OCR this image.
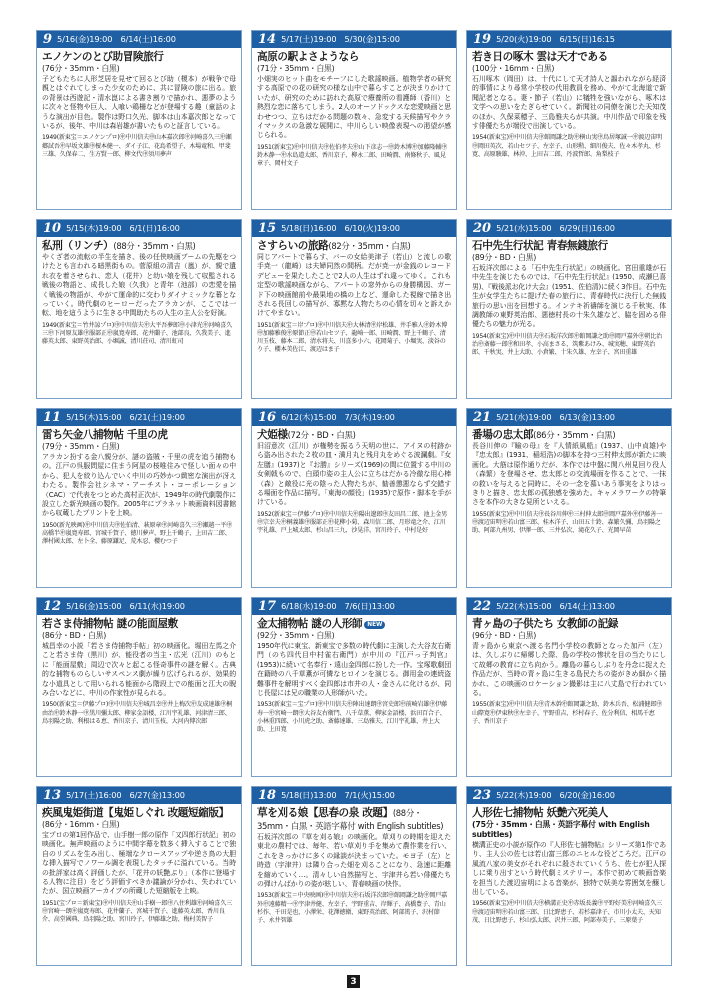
9 5/16(金)19:00　6/14(土)16:00
エノケンのとび助冒険旅行
(76分・35mm・白黒)
子どもたちに人形芝居を見せて回るとび助（榎本）が戦争で母親とはぐれてしまった少女のために、共に冒険の旅に出る。旅の背景は西遊記・清水崑による書き割りで描かれ、悪夢のように次々と怪物や巨人、人喰い鶏柵などが登場する趣（童話のような演出が目色。製作は野口久光、脚本は山本嘉次郎となっているが、後年、中川は森岩雄が書いたものと証言している。
1949(新東宝＝エノケンプロ)㊥中川信夫㊥山本嘉次郎㊥河崎喜久三㊥瀬郷試吾㊥早坂文雄㊥榎本健一、ダイ子江、花島希望子、木場竜和、甲斐三雄、久保春二、生方賢一郎、柳文代㊥須川夢声
14 5/17(土)19:00　5/30(金)15:00
高原の駅よさようなら
(71分・35mm・白黒)
小畑実のヒット曲をモチーフにした歌謡映画。植物学者の研究する高原での花の研究の様な山中で暮らすことが決まりかけていたが、研究のために訪れた高原で療養所の看護師（香川）と熱烈な恋に落ちてしまう。2人のオーソドックスな恋愛映画と思わせつつ、立ちはだかる問題の数々、急変する天候描写やクライマックスの急激な展開に、中川らしい映像表現への渇望が感じられる。
1951(新東宝)㊥中川信夫㊥佐伯孝夫㊥山下彦志一㊥鈴木博㊥加藤隆輔㊥鈴木静一㊥水島道太郎、香川京子、柳永二郎、田崎潤、南條秋子、風見章子、岡村文子
19 5/20(火)19:00　6/15(日)16:15
若き日の啄木 雲は天才である
(100分・16mm・白黒)
石川啄木（岡田）は、十代にして天才詩人と謳われながら経済的事情により尋常小学校の代用教員を務め、やがて北海道で新聞記者となる。妻・節子（若山）に犠牲を強いながら、啄木は文学への思いをたぎらせていく。新聞社の同僚を演じた天知茂のほか、久保菜穂子、三島雅夫らが共演。中川作品で印象を残す俳優たちが端役で出演している。
1954(新東宝)㊥中川信夫㊥館岡謙之助㊥横山実㊥鳥居塚誠一㊥渡辺宙明㊥岡田英次、若山セツ子、左幸子、山形勲、細川俊夫、佐々木孝丸、杉寛、高原駿雄、林沖、上田吉二郎、丹波哲郎、角梨枝子
10 5/15(木)19:00　6/1(日)16:00
私刑（リンチ）(88分・35mm・白黒)
やくざ者の流転の半生を描き、後の任侠映画ブームの先駆をつけたとも言われる暗黒街もの。菅原組の清吉（嵐）が、親で遺れ衣を着させられ、恋人（花井）と幼い娘を残して収監される戦後の物語と、成長した娘（久我）と青年（池部）の恋愛を描く戦後の物語が、やがて運命的に交わりダイナミックな幕となっていく。時代劇のヒーローだったアラカンが、ここでは一転、地を這うように生きる中間助たちの人生の主人公を好演。
1949(新東宝＝竹井諒プロ)㊥中川信夫㊥大平吾夢郎㊥小津光㊥河崎喜久三㊥下河原友雄㊥服部正㊥嵐寛寿郎、花井蘭子、池部良、久我美子、進藤英太郎、東野英治郎、小堀誠、清川荘司、清川虹司
15 5/18(日)16:00　6/10(火)19:00
さすらいの旅路(82分・35mm・白黒)
同じアパートで暮らす、バーの女給美津子（若山）と流しの歌手尭一（龍崎）は夫婦同然の間柄。だが尭一が金銭のレコードデビューを果たしたことで2人の人生はずれ違ってゆく。これも定型の歌謡映画ながら、アパートの窓外からの身勝構図、ガード下の映画館前や最果地の橋の上など、運命した視線で描き出される長回しの描写が、寡黙な人物たちの心情を切々と訴えかけてやまない。
1951(新東宝＝岸プロ)㊥中川信夫㊥大林清㊥岸松雄、井手雅人㊥鈴木博㊥加藤雅俊㊥原節正㊥若山セツ子、龍崎一郎、田崎潤、野上千鶴子、清川玉枝、藤本二郎、清水将夫、川喜多小六、花岡菊子、小堀実、淡谷のり子、櫻本美佐江、渡辺はま子
20 5/21(水)15:00　6/29(日)16:00
石中先生行状記 青春無錢旅行
(89分・BD・白黒)
石坂洋次郎による「石中先生行状記」の映画化。宮田重雄が石中先生を演じたものでは、『石中先生行状記』(1950、成瀬巳喜男)、『戦後派お化け大会』(1951、佐伯清)に続く3作目。石中先生が女学生たちに提げた春の旅行に、青春時代に決行した無銭旅行の思い出を回想する。インテキ祈禱師を演じる千秋実、体調教師の東野英治郎、悪徳村長の十朱久雄など、脇を固める俳優たちの魅力が光る。
1954(新東宝)㊥中川信夫㊥石坂洋次郎㊥館岡謙之助㊥岡戸嘉外㊥朝比治治㊥斎藤一郎㊥和田孝、小高まさる、筑紫あけみ、城実穂、東野英治郎、千秋実、井上大助、小倉繁、十朱久雄、左幸子、宮田重雄
11 5/15(木)15:00　6/21(土)19:00
雷ち矢金八捕物帖 千里の虎
(79分・35mm・白黒)
アラカン扮する金八親分が、謎の盗賊・千里の虎を追う捕物もの。江戸の呉服問屋に住まう阿屋の桜唯住みで怪しい面々の中から、犯人を絞り込んでいく中川の巧妙かつ緻密な演出が冴えわたる。製作会社シネマ・アーチスト・コーポレーション（CAC）で代表をつとめた高村正次が、1949年の時代劇製作に設立した新光映画の製作。2005年にプラネット映画資料図書館から収蔵したプリントを上映。
1950(新光映画)㊥中川信夫㊥佐伯清、萩原章㊥河崎喜久三㊥瀬越一平㊥高橋半㊥嵐寛寿郎、宮城千賀子、徳川夢声、野上千鶴子、上田吉二郎、澤村國太郎、左卜全、藤原鎌足、荒木忍、櫻むつ子
16 6/12(木)15:00　7/3(木)19:00
犬姫様(72分・BD・白黒)
旧沼意次（江川）が権勢を振るう天明の世に、アイヌの村跡から盗み出された２枚の皿・満月丸と残月丸をめぐる波瀾劇。『女左膳』(1937)と『お勝』シリーズ(1969)の間に位置する中川の女剣戟もので、白頭巾姿の主人公に立ちはだかる冷徹な用心棒（森）と敵役に光の陰った人物たちが、勧善懲悪ならず交錯する場面を作品に描写。「東海の顔役」(1935)で原作・脚本を手がけている。
1952(新東宝＝伊藤プロ)㊥中川信夫㊥陽出遼郎㊥友田昌二郎、池上金男㊥宗幸夫㊥桐義雄㊥服部正㊥花柳小菊、森川信二郎、月形竜之介、江川宇礼雄、戸上城太郎、杉山昌三九、沙晃洋、宮川玲子、中村是好
21 5/21(水)19:00　6/13(金)13:00
番場の忠太郎(86分・35mm・白黒)
長谷川伸の『瞼の母』を『人情紙風船』(1937、山中貞雄)や『忠太郎』(1931、稲垣浩)の脚本を持つ三村伸太郎が新たに映画化。大筋は原作通りだが、本作では中盤に関八州見回り役人（森繁）を登場させ、忠太郎との交流場面を作ることで、一抹の救いを与えると同時に、その一念を慕いあう事実をよりはっきりと描き、忠太郎の孤独感を強めた。キャメラワークの特筆さを本作の大きな見所といえる。
1955(新東宝)㊥中川信夫㊥長谷川伸㊥三村伸太郎㊥岡戸嘉外㊥伊藤善一㊥渡辺宙明㊥若山富三郎、桂木洋子、山田五十鈴、森繁久彌、鳥羽陽之助、阿部九州男、伊澤一郎、三井弘次、滝花久子、光岡早苗
12 5/16(金)15:00　6/11(水)19:00
若さま侍捕物帖 謎の能面屋敷
(86分・BD・白黒)
城昌幸の小説「若さま侍捕物手帖」初の映画化。堀田左馬之介こと若さま侍（黒川）が、能役者の当主・広光（江川）のもとに「能面屋敷」周辺で次々と起こる怪奇事件の謎を解く。古典的な捕物ものらしいサスペンス劇が繰り広げられるが、効果的な小道具として用いられる能面から階段上での能面と江大の睨み合いなどに、中川の作家性が見られる。
1950(新東宝＝伊藤プロ)㊥中川信夫㊥城昌幸㊥井上梅次㊥友成達雄㊥桐由治㊥鈴木静一㊥黒川彌太郎、柳家金語楼、江川宇礼雄、河津清三郎、鳥羽陽之助、利根はる恵、香川京子、清川玉枝、大河内傳次郎
17 6/18(水)19:00　7/6(日)13:00
金太捕物帖 謎の人形師 NEW
(92分・35mm・白黒)
1950年代に東宝、新東宝で多数の時代劇に主演した大谷友右衛門（のち四代目中村雀右衛門）が中川の『江戸っ子判官』(1953)に続いて名奉行・遠山金四郎に扮した一作。宝塚歌劇団在籍時の八千草薫が可憐なヒロインを演じる。御用金の連続盗難事件を解明すべく金四郎は市井の人・金さんに化けるが、同じ長屋には兄の職業の人形師がいた。
1953(新東宝＝宝プロ)㊥中川信夫㊥陣出達朗㊥宮史郎㊥前崎岩雄㊥伊藤寿一㊥宮崎一朗㊥大谷友右衛門、八千草薫、柳家金語楼、浜田百合子、小林重四郎、小川虎之助、斎藤達雄、三島雅夫、江川宇礼雄、井上大助、上田寛
22 5/22(木)15:00　6/14(土)13:00
青ヶ島の子供たち 女教師の記録
(96分・BD・白黒)
青ヶ島から東京へ渡る名門小学校の教師となった加戸（左）は、久しぶりに帰郷した際、島の学校の惨状を目の当たりにして故郷の教育に立ち向かう。離島の暮らしぶりを丹念に捉えた作品だが、当時の青ヶ島に生きる島民たちの姿がきめ細かく描かれ、この映画のロケーション撮影は主に八丈島で行われている。
1955(新東宝)㊥中川信夫㊥青木幹㊥館岡謙之助、鈴木兵吾、松浦健郎㊥山際寛㊥伊東秋㊥左幸子、宇野重吉、杉村春子、佐分利信、相馬千恵子、香川京子
13 5/17(土)16:00　6/27(金)13:00
疾風鬼姫街道【鬼姫しぐれ 改題短縮版】
(86分・16mm・白黒)
宝プロの第1回作品で、山手樹一郎の原作「又四郎行状記」初の映画化。無声映画のように中間字幕を数多く挿入することで独自のリズムを生み出し、極端なクロースアップや逆さ鳥の大胆な挿入描写でノワール調を表現したタッチに溢れている。当時の批評家は高く評価したが、「花井の妖艶ぶり」（本作に登場する人物に注目）をどう評価すべきか議論が分かれ、失われていたが、国立映画アーカイブの所蔵した短縮版を上映。
1951(宝プロ＝新東宝)㊥中川信夫㊥山手樹一郎㊥八住利雄㊥河崎喜久三㊥宮崎一朗㊥嵐寛寿郎、花井蘭子、宮城千賀子、進藤英太郎、香川良介、高堂國典、鳥羽陽之助、宮川玲子、伊藤雄之助、梅村美智子
18 5/18(日)13:00　7/1(火)15:00
草を刈る娘【思春の泉 改題】(88分・35mm・白黒・英語字幕付 with English subtitles)
石坂洋次郎の『草を刈る娘』の映画化。草刈りの時期を迎えた東北の農村では、毎年、若い草刈り手を集めて農作業を行い、これをきっかけに多くの縁談が決まっていた。モヨ子（左）と時造（宇津井）は隣り合った畑を刈ることになり、急速に距離を縮めていく…。清々しい自然描写と、宇津井ら若い俳優たちの弾けんばかりの姿が眩しい、青春映画の快作。
1953(新東宝＝中央映画)㊥中川信夫㊥石坂洋次郎㊥館岡謙之助㊥岡戸嘉外㊥遠藤精一㊥宇津井健、左幸子、宇野重吉、岸輝子、高橋豊子、青山杉作、千田是也、小澤栄、花澤徳衛、東野英治郎、阿部篤子、沢村節子、永井智雄
23 5/22(木)19:00　6/20(金)16:00
人形佐七捕物帖 妖艶六死美人
(75分・35mm・白黒・英語字幕付 with English subtitles)
横溝正史の小説が原作の『人形佐七捕物帖』シリーズ第1作であり、主人公の佐七は若山富三郎のニヒルな役どころだ。江戸の風流八家の美女がそれぞれに殺されていくうち、佐七が犯人探しに乗り出すという時代劇ミステリー。本作で初めて映画音楽を担当した渡辺宙明による音楽が、独特で妖美な雰囲気を醸し出している。
1956(新東宝)㊥中川信夫㊥横溝正史㊥赤坂長義㊥平野好美㊥河崎喜久三㊥渡辺宙明㊥若山富三郎、日比野恵子、若杉嘉津子、市川小太夫、天知茂、日比野恵子、杉山弘太郎、沢井三郎、阿部寿美子、三原葉子
3
